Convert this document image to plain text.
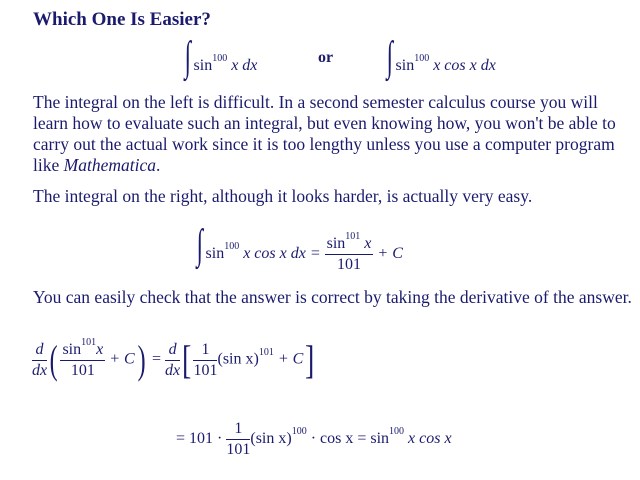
Which One Is Easier?
∫ $\sin^{100} x$ dx	or ∫ $\sin^{100} x$ cos x dx
The integral on the left is difficult. In a second semester calculus course you will learn how to evaluate such an integral, but even knowing how, you won't be able to carry out the actual work since it is too lengthy unless you use a computer program like Mathematica.
The integral on the right, although it looks harder, is actually very easy.
∫ $\sin^{100} x$ cos x dx = $\frac{\sin^{101} x}{101} + C$
You can easily check that the answer is correct by taking the derivative of the answer.
$\frac{d}{dx}$ ( $\frac{\sin^{101}x}{101} + C) = \frac{d}{dx}$ [ $\frac{1}{101} (\sin$ x)$^{101}$ + C]
= $101 \cdot \frac{1}{101} (\sin$ $x)^{100} \cdot \cos x = \sin^{100} x$ cos x
